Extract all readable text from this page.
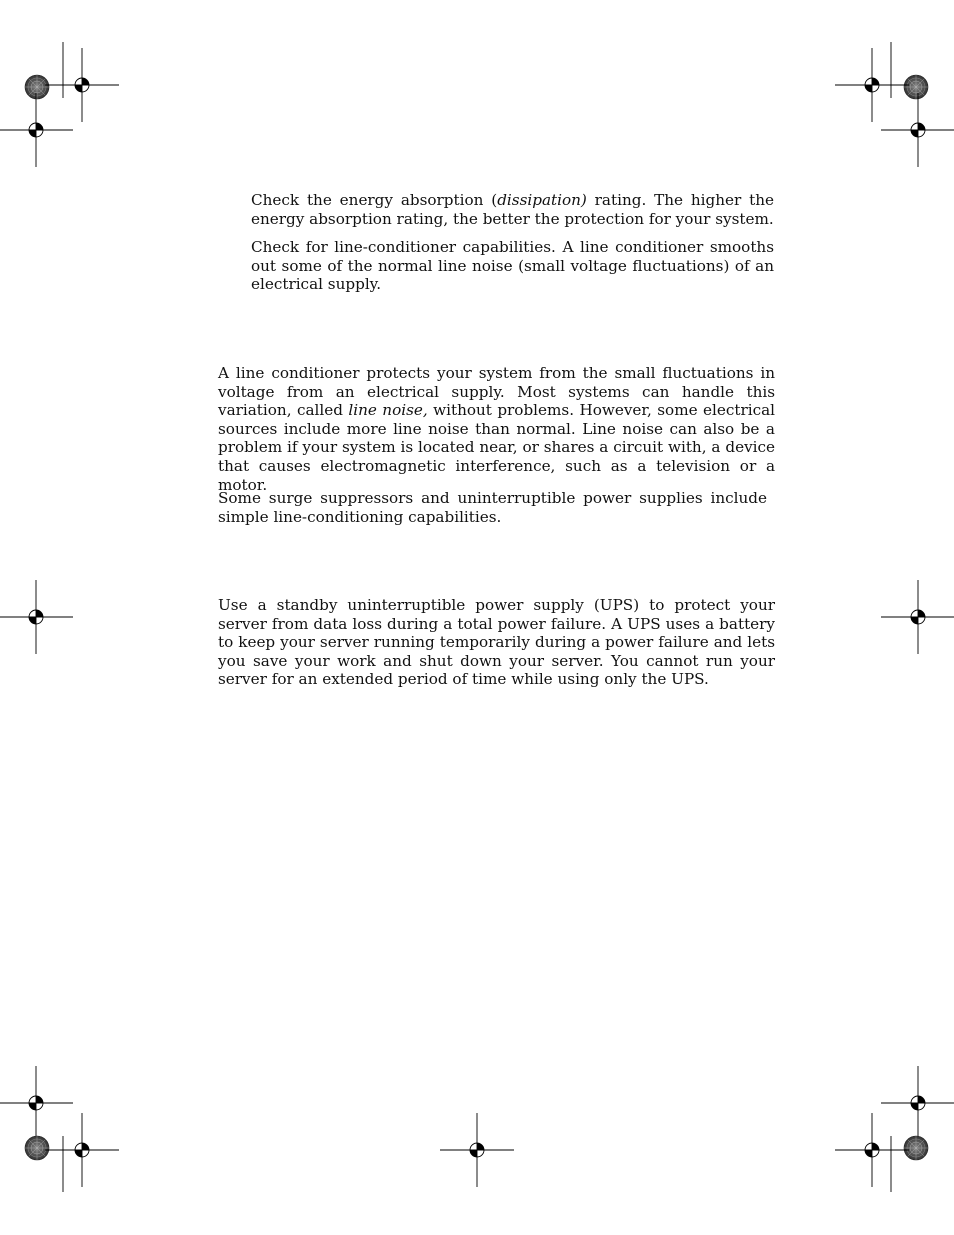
Check the energy absorption (dissipation) rating. The higher the energy absorption rating, the better the protection for your system.

Check for line-conditioner capabilities. A line conditioner smooths out some of the normal line noise (small voltage fluctuations) of an electrical supply.

A line conditioner protects your system from the small fluctuations in voltage from an electrical supply. Most systems can handle this variation, called line noise, without problems. However, some electrical sources include more line noise than normal. Line noise can also be a problem if your system is located near, or shares a circuit with, a device that causes electromagnetic interference, such as a television or a motor.

Some surge suppressors and uninterruptible power supplies include simple line-conditioning capabilities.

Use a standby uninterruptible power supply (UPS) to protect your server from data loss during a total power failure. A UPS uses a battery to keep your server running temporarily during a power failure and lets you save your work and shut down your server. You cannot run your server for an extended period of time while using only the UPS.
